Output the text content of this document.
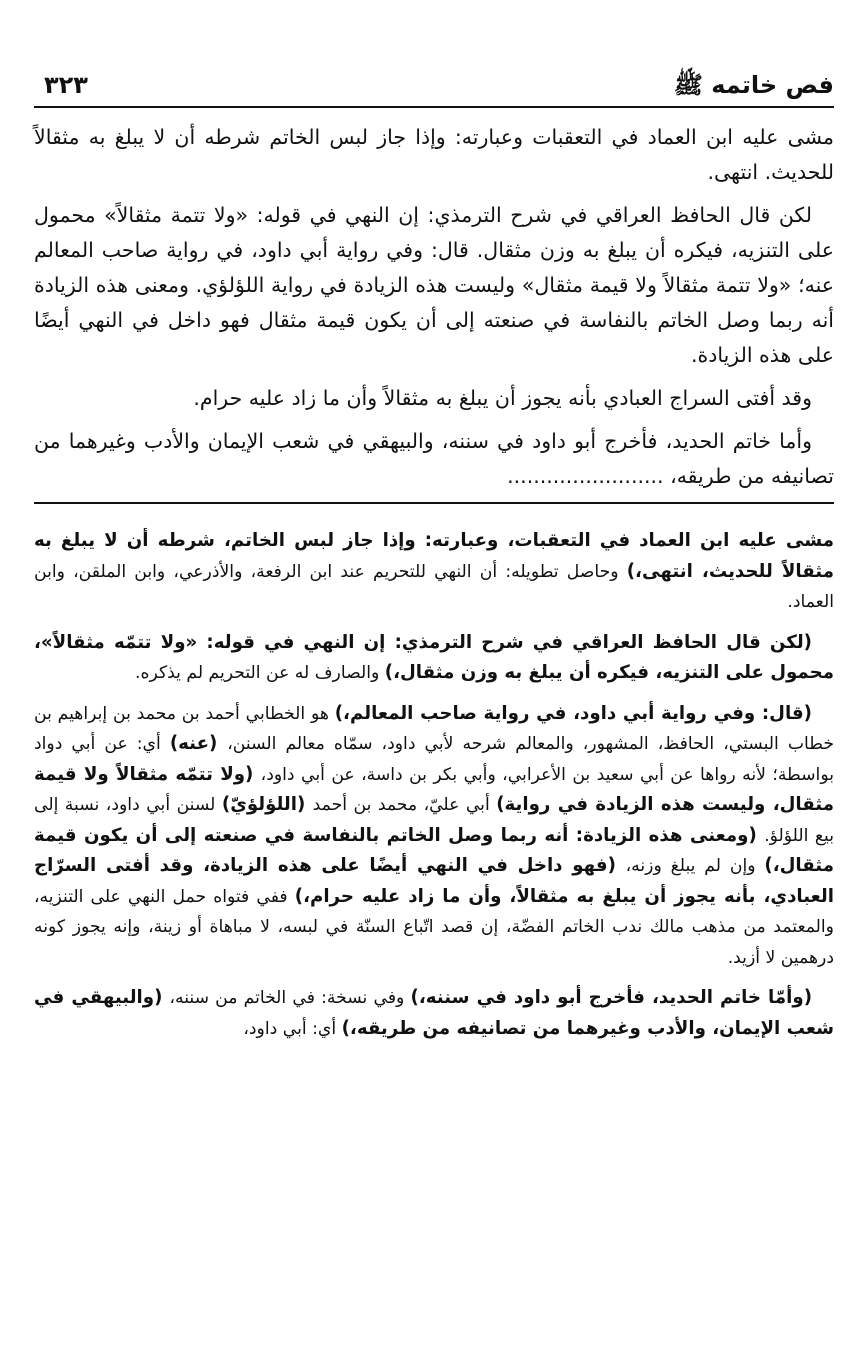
فص خاتمه ﷺ
٣٢٣

مشى عليه ابن العماد في التعقبات وعبارته: وإذا جاز لبس الخاتم شرطه أن لا يبلغ به مثقالاً للحديث. انتهى.

لكن قال الحافظ العراقي في شرح الترمذي: إن النهي في قوله: «ولا تتمة مثقالاً» محمول على التنزيه، فيكره أن يبلغ به وزن مثقال. قال: وفي رواية أبي داود، في رواية صاحب المعالم عنه؛ «ولا تتمة مثقالاً ولا قيمة مثقال» وليست هذه الزيادة في رواية اللؤلؤي. ومعنى هذه الزيادة أنه ربما وصل الخاتم بالنفاسة في صنعته إلى أن يكون قيمة مثقال فهو داخل في النهي أيضًا على هذه الزيادة.

وقد أفتى السراج العبادي بأنه يجوز أن يبلغ به مثقالاً وأن ما زاد عليه حرام.

وأما خاتم الحديد، فأخرج أبو داود في سننه، والبيهقي في شعب الإيمان والأدب وغيرهما من تصانيفه من طريقه، ........................

مشى عليه ابن العماد في التعقبات، وعبارته: وإذا جاز لبس الخاتم، شرطه أن لا يبلغ به مثقالاً للحديث، انتهى،) وحاصل تطويله: أن النهي للتحريم عند ابن الرفعة، والأذرعي، وابن الملقن، وابن العماد.

(لكن قال الحافظ العراقي في شرح الترمذي: إن النهي في قوله: «ولا تتمّه مثقالاً»، محمول على التنزيه، فيكره أن يبلغ به وزن مثقال،) والصارف له عن التحريم لم يذكره.

(قال: وفي رواية أبي داود، في رواية صاحب المعالم،) هو الخطابي أحمد بن محمد بن إبراهيم بن خطاب البستي، الحافظ، المشهور، والمعالم شرحه لأبي داود، سمّاه معالم السنن، (عنه) أي: عن أبي دواد بواسطة؛ لأنه رواها عن أبي سعيد بن الأعرابي، وأبي بكر بن داسة، عن أبي داود، (ولا تتمّه مثقالاً ولا قيمة مثقال، وليست هذه الزيادة في رواية) أبي عليّ، محمد بن أحمد (اللؤلؤيّ) لسنن أبي داود، نسبة إلى بيع اللؤلؤ. (ومعنى هذه الزيادة: أنه ربما وصل الخاتم بالنفاسة في صنعته إلى أن يكون قيمة مثقال،) وإن لم يبلغ وزنه، (فهو داخل في النهي أيضًا على هذه الزيادة، وقد أفتى السرّاج العبادي، بأنه يجوز أن يبلغ به مثقالاً، وأن ما زاد عليه حرام،) ففي فتواه حمل النهي على التنزيه، والمعتمد من مذهب مالك ندب الخاتم الفضّة، إن قصد اتّباع السنّة في لبسه، لا مباهاة أو زينة، وإنه يجوز كونه درهمين لا أزيد.

(وأمّا خاتم الحديد، فأخرج أبو داود في سننه،) وفي نسخة: في الخاتم من سننه، (والبيهقي في شعب الإيمان، والأدب وغيرهما من تصانيفه من طريقه،) أي: أبي داود،
